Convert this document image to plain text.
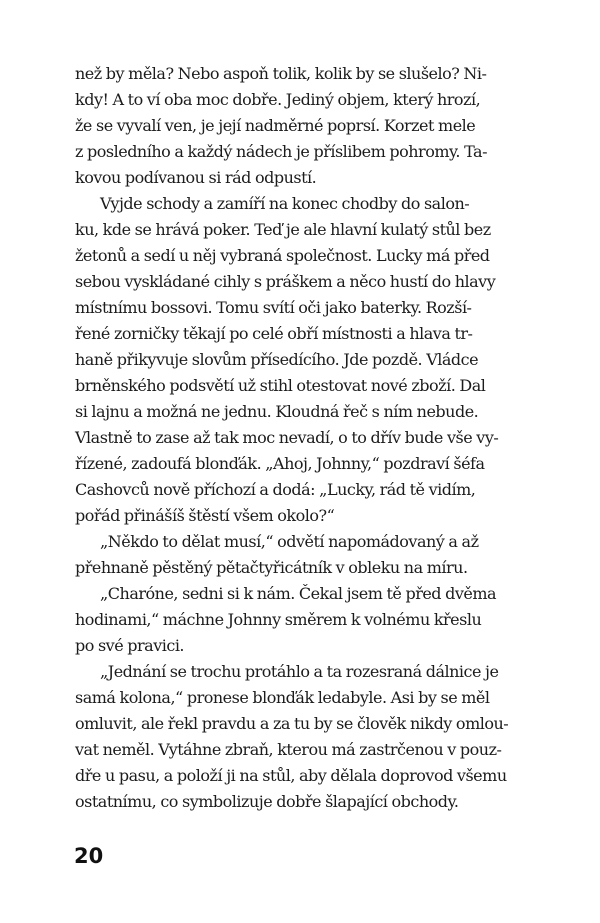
než by měla? Nebo aspoň tolik, kolik by se slušelo? Ni-
kdy! A to ví oba moc dobře. Jediný objem, který hrozí,
že se vyvalí ven, je její nadměrné poprsí. Korzet mele
z posledního a každý nádech je příslibem pohromy. Ta-
kovou podívanou si rád odpustí.
Vyjde schody a zamíří na konec chodby do salon-
ku, kde se hrává poker. Teď je ale hlavní kulatý stůl bez
žetonů a sedí u něj vybraná společnost. Lucky má před
sebou vyskládané cihly s práškem a něco hustí do hlavy
místnímu bossovi. Tomu svítí oči jako baterky. Rozší-
řené zorničky těkají po celé obří místnosti a hlava tr-
haně přikyvuje slovům přísedícího. Jde pozdě. Vládce
brněnského podsvětí už stihl otestovat nové zboží. Dal
si lajnu a možná ne jednu. Kloudná řeč s ním nebude.
Vlastně to zase až tak moc nevadí, o to dřív bude vše vy-
řízené, zadoufá blonďák. „Ahoj, Johnny,“ pozdraví šéfa
Cashovců nově příchozí a dodá: „Lucky, rád tě vidím,
pořád přinášíš štěstí všem okolo?“
„Někdo to dělat musí,“ odvětí napomádovaný a až
přehnaně pěstěný pětačtyřicátník v obleku na míru.
„Charóne, sedni si k nám. Čekal jsem tě před dvěma
hodinami,“ máchne Johnny směrem k volnému křeslu
po své pravici.
„Jednání se trochu protáhlo a ta rozesraná dálnice je
samá kolona,“ pronese blonďák ledabyle. Asi by se měl
omluvit, ale řekl pravdu a za tu by se člověk nikdy omlou-
vat neměl. Vytáhne zbraň, kterou má zastrčenou v pouz-
dře u pasu, a položí ji na stůl, aby dělala doprovod všemu
ostatnímu, co symbolizuje dobře šlapající obchody.
20
